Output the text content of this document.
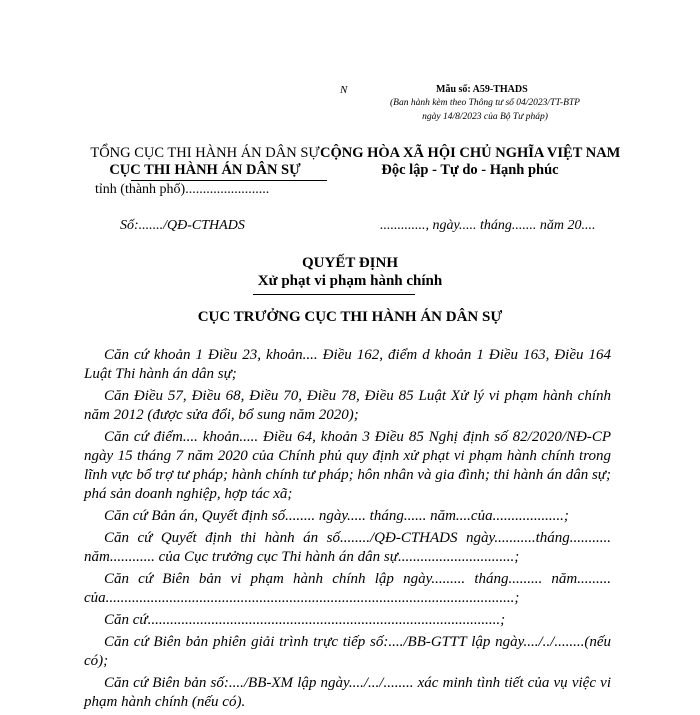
N	Mẫu số: A59-THADS
(Ban hành kèm theo Thông tư số 04/2023/TT-BTP
ngày 14/8/2023 của Bộ Tư pháp)
TỔNG CỤC THI HÀNH ÁN DÂN SỰ
CỤC THI HÀNH ÁN DÂN SỰ
tỉnh (thành phố)........................
CỘNG HÒA XÃ HỘI CHỦ NGHĨA VIỆT NAM
Độc lập - Tự do - Hạnh phúc
Số:......./QĐ-CTHADS	............., ngày..... tháng....... năm 20....
QUYẾT ĐỊNH
Xử phạt vi phạm hành chính
CỤC TRƯỞNG CỤC THI HÀNH ÁN DÂN SỰ

Căn cứ khoản 1 Điều 23, khoản.... Điều 162, điểm d khoản 1 Điều 163, Điều 164 Luật Thi hành án dân sự;

Căn Điều 57, Điều 68, Điều 70, Điều 78, Điều 85 Luật Xử lý vi phạm hành chính năm 2012 (được sửa đổi, bổ sung năm 2020);

Căn cứ điểm.... khoản..... Điều 64, khoản 3 Điều 85 Nghị định số 82/2020/NĐ-CP ngày 15 tháng 7 năm 2020 của Chính phủ quy định xử phạt vi phạm hành chính trong lĩnh vực bổ trợ tư pháp; hành chính tư pháp; hôn nhân và gia đình; thi hành án dân sự; phá sản doanh nghiệp, hợp tác xã;

Căn cứ Bản án, Quyết định số........ ngày..... tháng...... năm....của...................;

Căn cứ Quyết định thi hành án số......../QĐ-CTHADS ngày...........tháng........... năm............ của Cục trưởng cục Thi hành án dân sự...............................;

Căn cứ Biên bản vi phạm hành chính lập ngày......... tháng......... năm......... của.............................................................................................................;

Căn cứ..............................................................................................;

Căn cứ Biên bản phiên giải trình trực tiếp số:..../BB-GTTT lập ngày..../../........(nếu có);

Căn cứ Biên bản số:..../BB-XM lập ngày..../.../........ xác minh tình tiết của vụ việc vi phạm hành chính (nếu có).
